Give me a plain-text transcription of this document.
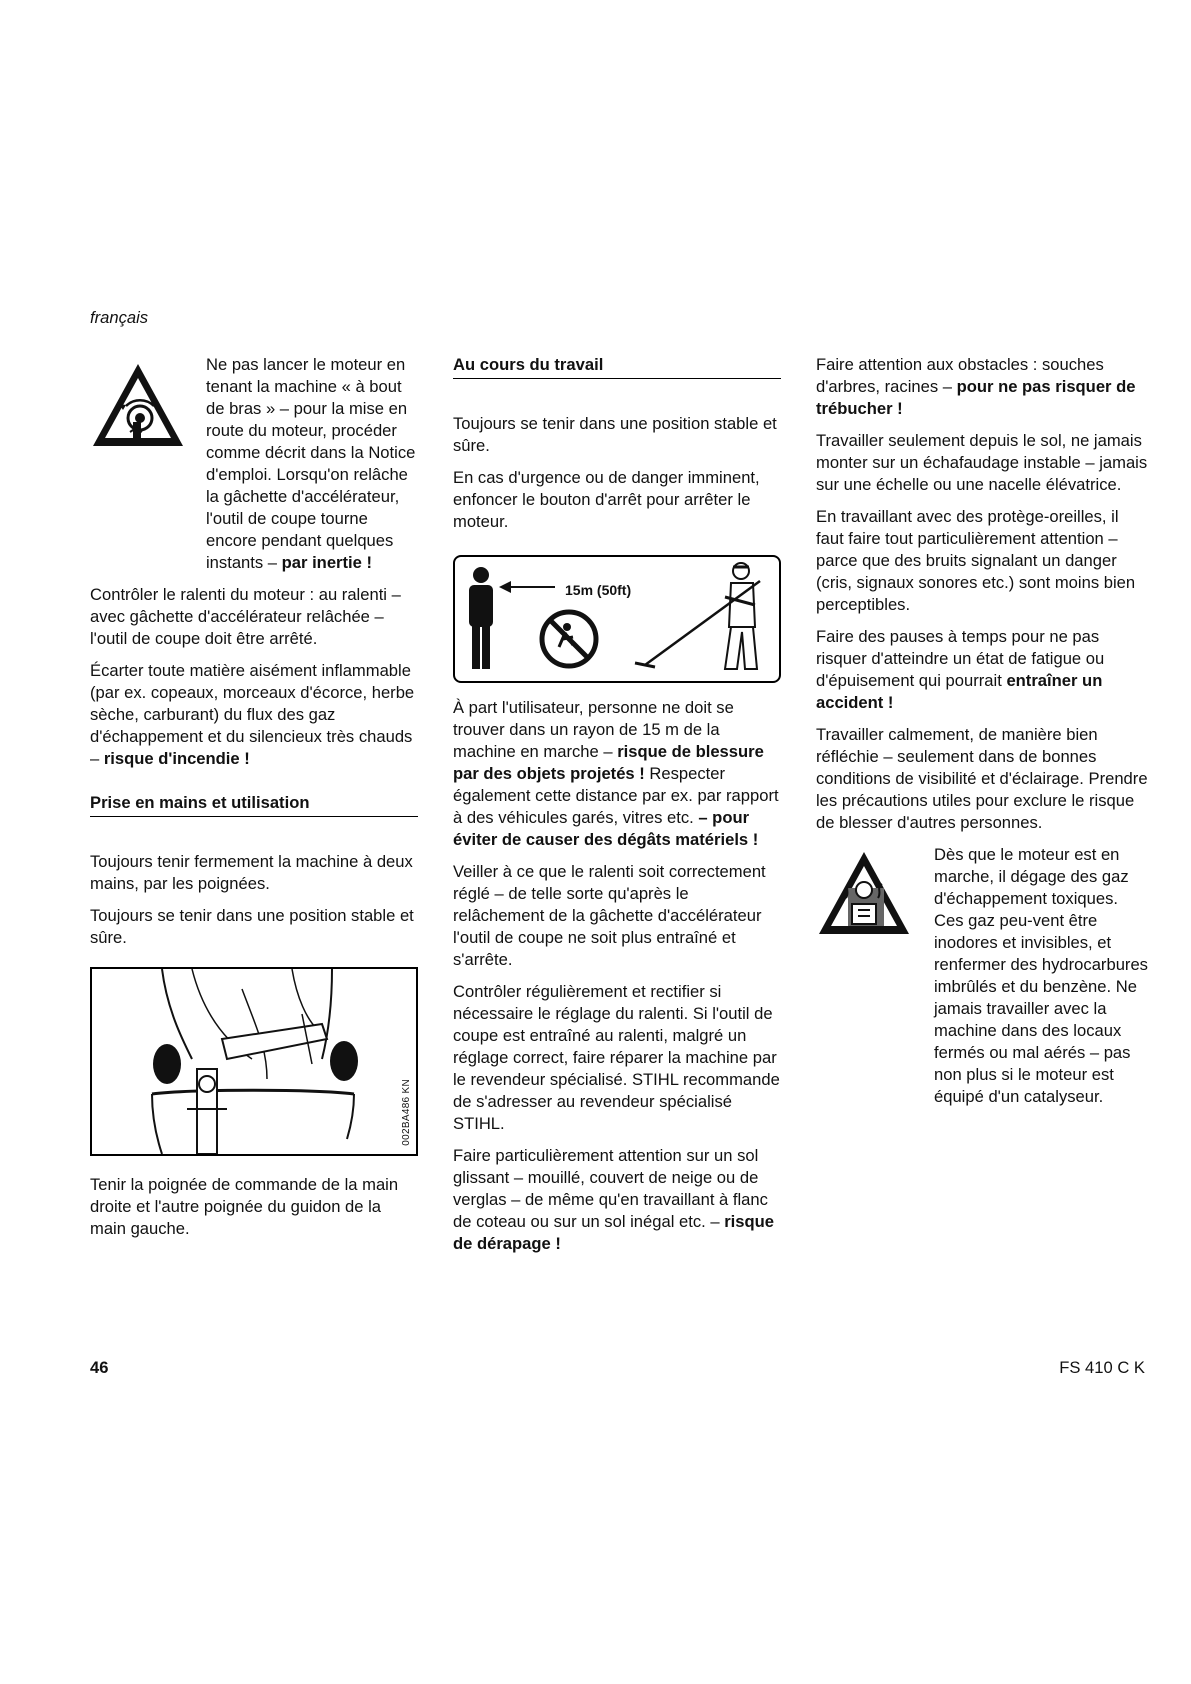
français
Ne pas lancer le moteur en tenant la machine « à bout de bras » – pour la mise en route du moteur, procéder comme décrit dans la Notice d'emploi. Lorsqu'on relâche la gâchette d'accélérateur, l'outil de coupe tourne encore pendant quelques instants – par inertie !

Contrôler le ralenti du moteur : au ralenti – avec gâchette d'accélérateur relâchée – l'outil de coupe doit être arrêté.

Écarter toute matière aisément inflammable (par ex. copeaux, morceaux d'écorce, herbe sèche, carburant) du flux des gaz d'échappement et du silencieux très chauds – risque d'incendie !

Prise en mains et utilisation

Toujours tenir fermement la machine à deux mains, par les poignées.

Toujours se tenir dans une position stable et sûre.

002BA486 KN

Tenir la poignée de commande de la main droite et l'autre poignée du guidon de la main gauche.

Au cours du travail

Toujours se tenir dans une position stable et sûre.

En cas d'urgence ou de danger imminent, enfoncer le bouton d'arrêt pour arrêter le moteur.

15m (50ft)

À part l'utilisateur, personne ne doit se trouver dans un rayon de 15 m de la machine en marche – risque de blessure par des objets projetés ! Respecter également cette distance par ex. par rapport à des véhicules garés, vitres etc. – pour éviter de causer des dégâts matériels !

Veiller à ce que le ralenti soit correctement réglé – de telle sorte qu'après le relâchement de la gâchette d'accélérateur l'outil de coupe ne soit plus entraîné et s'arrête.

Contrôler régulièrement et rectifier si nécessaire le réglage du ralenti. Si l'outil de coupe est entraîné au ralenti, malgré un réglage correct, faire réparer la machine par le revendeur spécialisé. STIHL recommande de s'adresser au revendeur spécialisé STIHL.

Faire particulièrement attention sur un sol glissant – mouillé, couvert de neige ou de verglas – de même qu'en travaillant à flanc de coteau ou sur un sol inégal etc. – risque de dérapage !

Faire attention aux obstacles : souches d'arbres, racines – pour ne pas risquer de trébucher !

Travailler seulement depuis le sol, ne jamais monter sur un échafaudage instable – jamais sur une échelle ou une nacelle élévatrice.

En travaillant avec des protège-oreilles, il faut faire tout particulièrement attention – parce que des bruits signalant un danger (cris, signaux sonores etc.) sont moins bien perceptibles.

Faire des pauses à temps pour ne pas risquer d'atteindre un état de fatigue ou d'épuisement qui pourrait entraîner un accident !

Travailler calmement, de manière bien réfléchie – seulement dans de bonnes conditions de visibilité et d'éclairage. Prendre les précautions utiles pour exclure le risque de blesser d'autres personnes.

Dès que le moteur est en marche, il dégage des gaz d'échappement toxiques. Ces gaz peu-vent être inodores et invisibles, et renfermer des hydrocarbures imbrûlés et du benzène. Ne jamais travailler avec la machine dans des locaux fermés ou mal aérés – pas non plus si le moteur est équipé d'un catalyseur.
46	FS 410 C K
